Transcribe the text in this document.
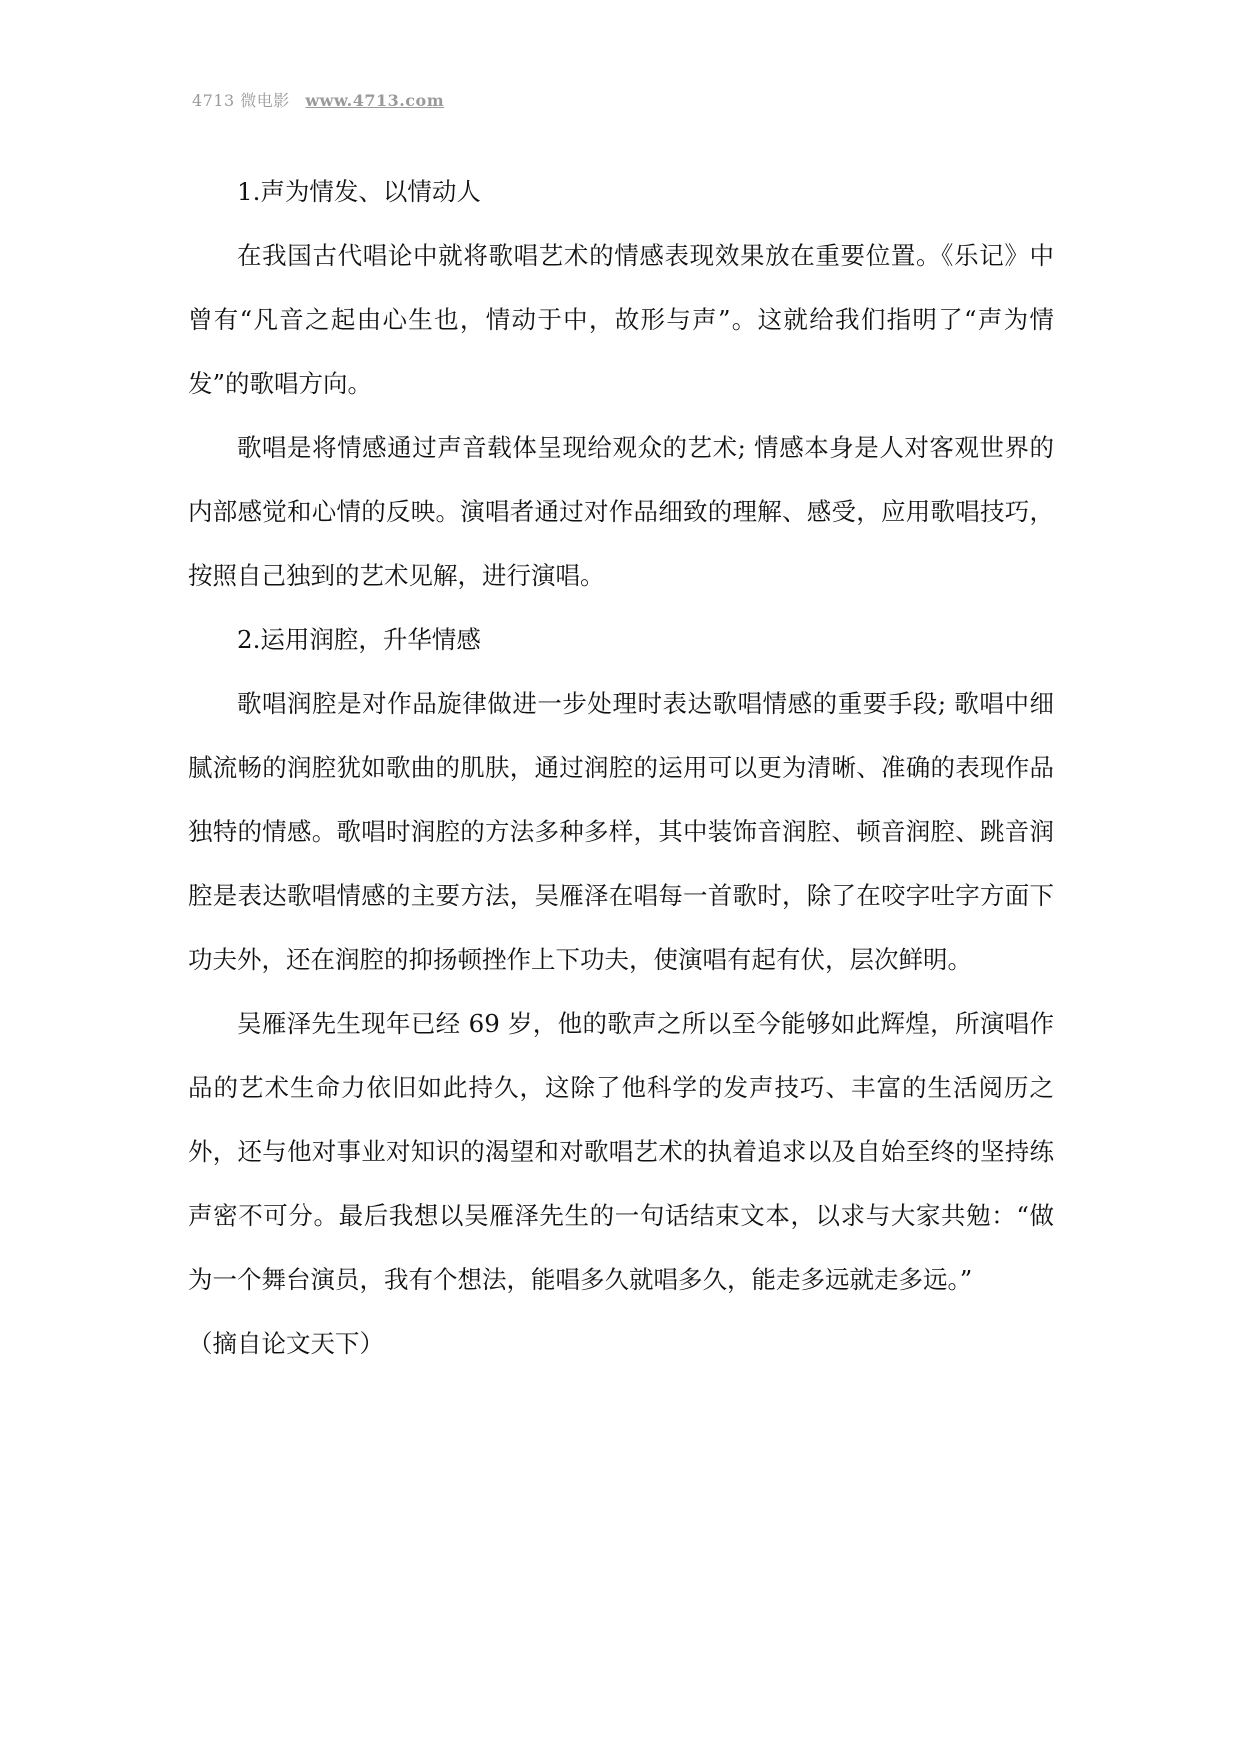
4713 微电影 www.4713.com

1.声为情发、以情动人

在我国古代唱论中就将歌唱艺术的情感表现效果放在重要位置。《乐记》中曾有“凡音之起由心生也，情动于中，故形与声”。这就给我们指明了“声为情发”的歌唱方向。

歌唱是将情感通过声音载体呈现给观众的艺术; 情感本身是人对客观世界的内部感觉和心情的反映。演唱者通过对作品细致的理解、感受，应用歌唱技巧，按照自己独到的艺术见解，进行演唱。

2.运用润腔，升华情感

歌唱润腔是对作品旋律做进一步处理时表达歌唱情感的重要手段; 歌唱中细腻流畅的润腔犹如歌曲的肌肤，通过润腔的运用可以更为清晰、准确的表现作品独特的情感。歌唱时润腔的方法多种多样，其中装饰音润腔、顿音润腔、跳音润腔是表达歌唱情感的主要方法，吴雁泽在唱每一首歌时，除了在咬字吐字方面下功夫外，还在润腔的抑扬顿挫作上下功夫，使演唱有起有伏，层次鲜明。

吴雁泽先生现年已经 69 岁，他的歌声之所以至今能够如此辉煌，所演唱作品的艺术生命力依旧如此持久，这除了他科学的发声技巧、丰富的生活阅历之外，还与他对事业对知识的渴望和对歌唱艺术的执着追求以及自始至终的坚持练声密不可分。最后我想以吴雁泽先生的一句话结束文本，以求与大家共勉：“做为一个舞台演员，我有个想法，能唱多久就唱多久，能走多远就走多远。”

（摘自论文天下）
